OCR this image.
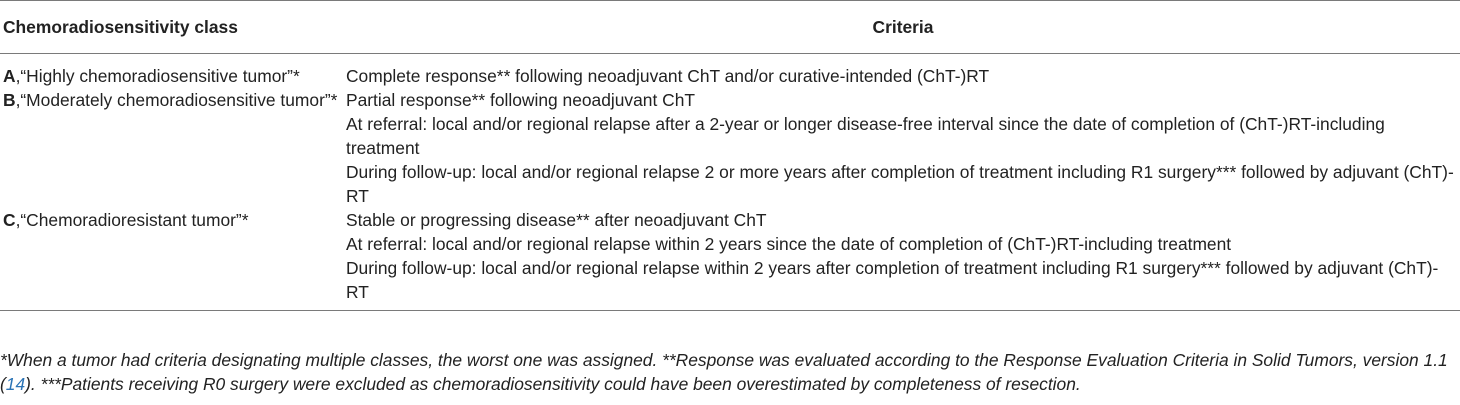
Chemoradiosensitivity class	Criteria
A,“Highly chemoradiosensitive tumor”*	Complete response** following neoadjuvant ChT and/or curative-intended (ChT-)RT

B,“Moderately chemoradiosensitive tumor”*	Partial response** following neoadjuvant ChT
At referral: local and/or regional relapse after a 2-year or longer disease-free interval since the date of completion of (ChT-)RT-including treatment
During follow-up: local and/or regional relapse 2 or more years after completion of treatment including R1 surgery*** followed by adjuvant (ChT)-RT

C,“Chemoradioresistant tumor”*	Stable or progressing disease** after neoadjuvant ChT
At referral: local and/or regional relapse within 2 years since the date of completion of (ChT-)RT-including treatment
During follow-up: local and/or regional relapse within 2 years after completion of treatment including R1 surgery*** followed by adjuvant (ChT)-RT
*When a tumor had criteria designating multiple classes, the worst one was assigned. **Response was evaluated according to the Response Evaluation Criteria in Solid Tumors, version 1.1 (14). ***Patients receiving R0 surgery were excluded as chemoradiosensitivity could have been overestimated by completeness of resection.
